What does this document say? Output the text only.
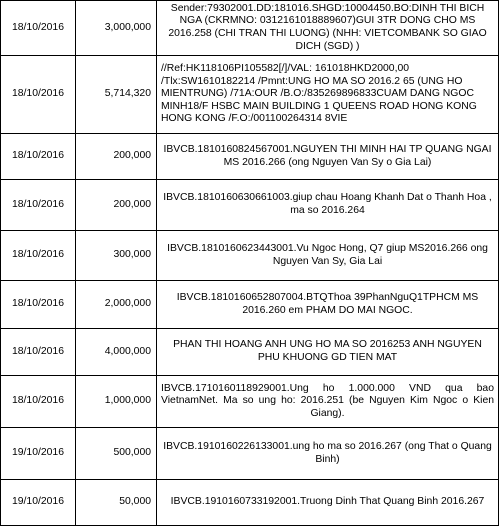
18/10/2016	3,000,000	Sender:79302001.DD:181016.SHGD:10004450.BO:DINH THI BICH NGA (CKRMNO: 0312161018889607)GUI 3TR DONG CHO MS 2016.258 (CHI TRAN THI LUONG) (NHH: VIETCOMBANK SO GIAO DICH (SGD) )

18/10/2016	5,714,320	//Ref:HK118106PI105582[/]/VAL: 161018HKD2000,00 /Tlx:SW1610182214 /Pmnt:UNG HO MA SO 2016.2 65 (UNG HO MIENTRUNG) /71A:OUR /B.O:/835269896833CUAM DANG NGOC MINH18/F HSBC MAIN BUILDING 1 QUEENS ROAD HONG KONG HONG KONG /F.O:/001100264314 8VIE

18/10/2016	200,000	IBVCB.1810160824567001.NGUYEN THI MINH HAI TP QUANG NGAI MS 2016.266 (ong Nguyen Van Sy o Gia Lai)

18/10/2016	200,000	IBVCB.1810160630661003.giup chau Hoang Khanh Dat o Thanh Hoa , ma so 2016.264

18/10/2016	300,000	IBVCB.1810160623443001.Vu Ngoc Hong, Q7 giup MS2016.266 ong Nguyen Van Sy, Gia Lai

18/10/2016	2,000,000	IBVCB.1810160652807004.BTQThoa 39PhanNguQ1TPHCM MS 2016.260 em PHAM DO MAI NGOC.

18/10/2016	4,000,000	PHAN THI HOANG ANH UNG HO MA SO 2016253 ANH NGUYEN PHU KHUONG GD TIEN MAT

18/10/2016	1,000,000	IBVCB.1710160118929001.Ung ho 1.000.000 VND qua bao VietnamNet. Ma so ung ho: 2016.251 (be Nguyen Kim Ngoc o Kien Giang).

19/10/2016	500,000	IBVCB.1910160226133001.ung ho ma so 2016.267 (ong That o Quang Binh)

19/10/2016	50,000	IBVCB.1910160733192001.Truong Dinh That Quang Binh 2016.267
